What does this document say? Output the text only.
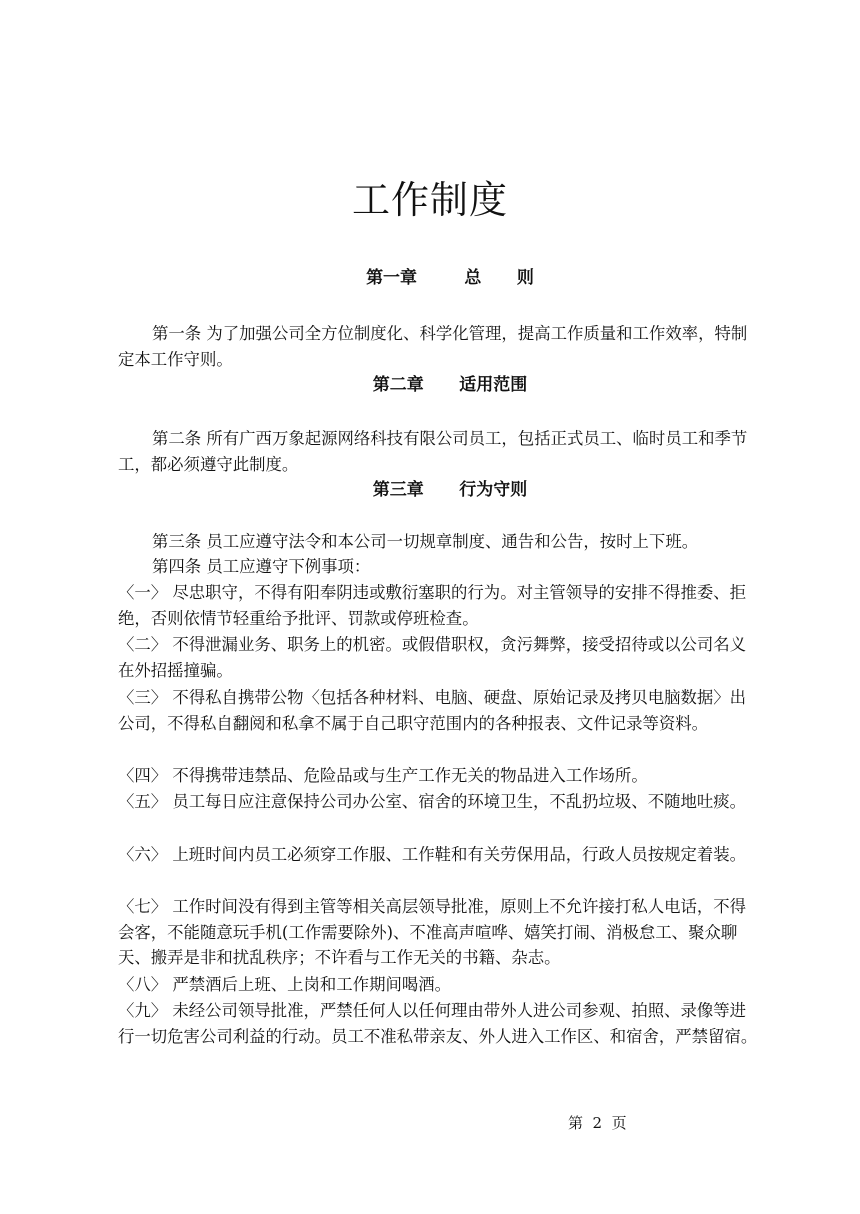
工作制度
第一章        总      则
第一条 为了加强公司全方位制度化、科学化管理，提高工作质量和工作效率，特制定本工作守则。
第二章      适用范围
第二条 所有广西万象起源网络科技有限公司员工，包括正式员工、临时员工和季节工，都必须遵守此制度。
第三章      行为守则
第三条 员工应遵守法令和本公司一切规章制度、通告和公告，按时上下班。
第四条 员工应遵守下例事项：
〈一〉 尽忠职守，不得有阳奉阴违或敷衍塞职的行为。对主管领导的安排不得推委、拒绝，否则依情节轻重给予批评、罚款或停班检查。
〈二〉 不得泄漏业务、职务上的机密。或假借职权，贪污舞弊，接受招待或以公司名义在外招摇撞骗。
〈三〉 不得私自携带公物〈包括各种材料、电脑、硬盘、原始记录及拷贝电脑数据〉出公司，不得私自翻阅和私拿不属于自己职守范围内的各种报表、文件记录等资料。
〈四〉 不得携带违禁品、危险品或与生产工作无关的物品进入工作场所。
〈五〉 员工每日应注意保持公司办公室、宿舍的环境卫生，不乱扔垃圾、不随地吐痰。
〈六〉 上班时间内员工必须穿工作服、工作鞋和有关劳保用品，行政人员按规定着装。
〈七〉 工作时间没有得到主管等相关高层领导批准，原则上不允许接打私人电话，不得会客，不能随意玩手机(工作需要除外)、不准高声喧哗、嬉笑打闹、消极怠工、聚众聊天、搬弄是非和扰乱秩序；不许看与工作无关的书籍、杂志。
〈八〉 严禁酒后上班、上岗和工作期间喝酒。
〈九〉 未经公司领导批准，严禁任何人以任何理由带外人进公司参观、拍照、录像等进行一切危害公司利益的行动。员工不准私带亲友、外人进入工作区、和宿舍，严禁留宿。
第  2  页
